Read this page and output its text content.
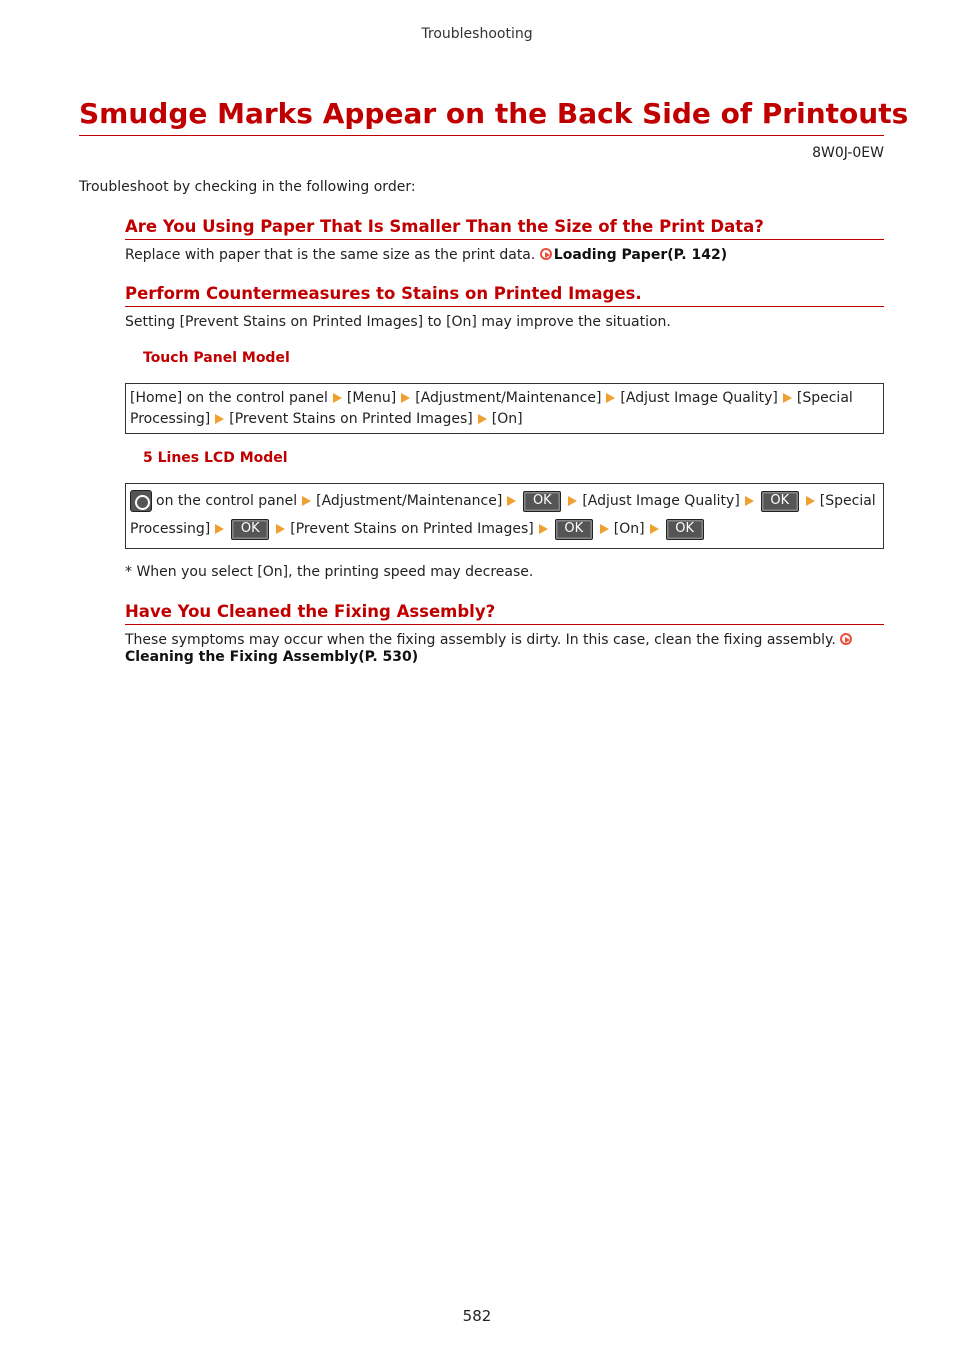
Troubleshooting
Smudge Marks Appear on the Back Side of Printouts
8W0J-0EW
Troubleshoot by checking in the following order:
Are You Using Paper That Is Smaller Than the Size of the Print Data?
Replace with paper that is the same size as the print data. Loading Paper(P. 142)
Perform Countermeasures to Stains on Printed Images.
Setting [Prevent Stains on Printed Images] to [On] may improve the situation.
Touch Panel Model
[Home] on the control panel [Menu] [Adjustment/Maintenance] [Adjust Image Quality] [Special Processing] [Prevent Stains on Printed Images] [On]
5 Lines LCD Model
on the control panel [Adjustment/Maintenance] OK [Adjust Image Quality] OK [Special
Processing] OK [Prevent Stains on Printed Images] OK [On] OK
* When you select [On], the printing speed may decrease.
Have You Cleaned the Fixing Assembly?
These symptoms may occur when the fixing assembly is dirty. In this case, clean the fixing assembly.
Cleaning the Fixing Assembly(P. 530)
582
